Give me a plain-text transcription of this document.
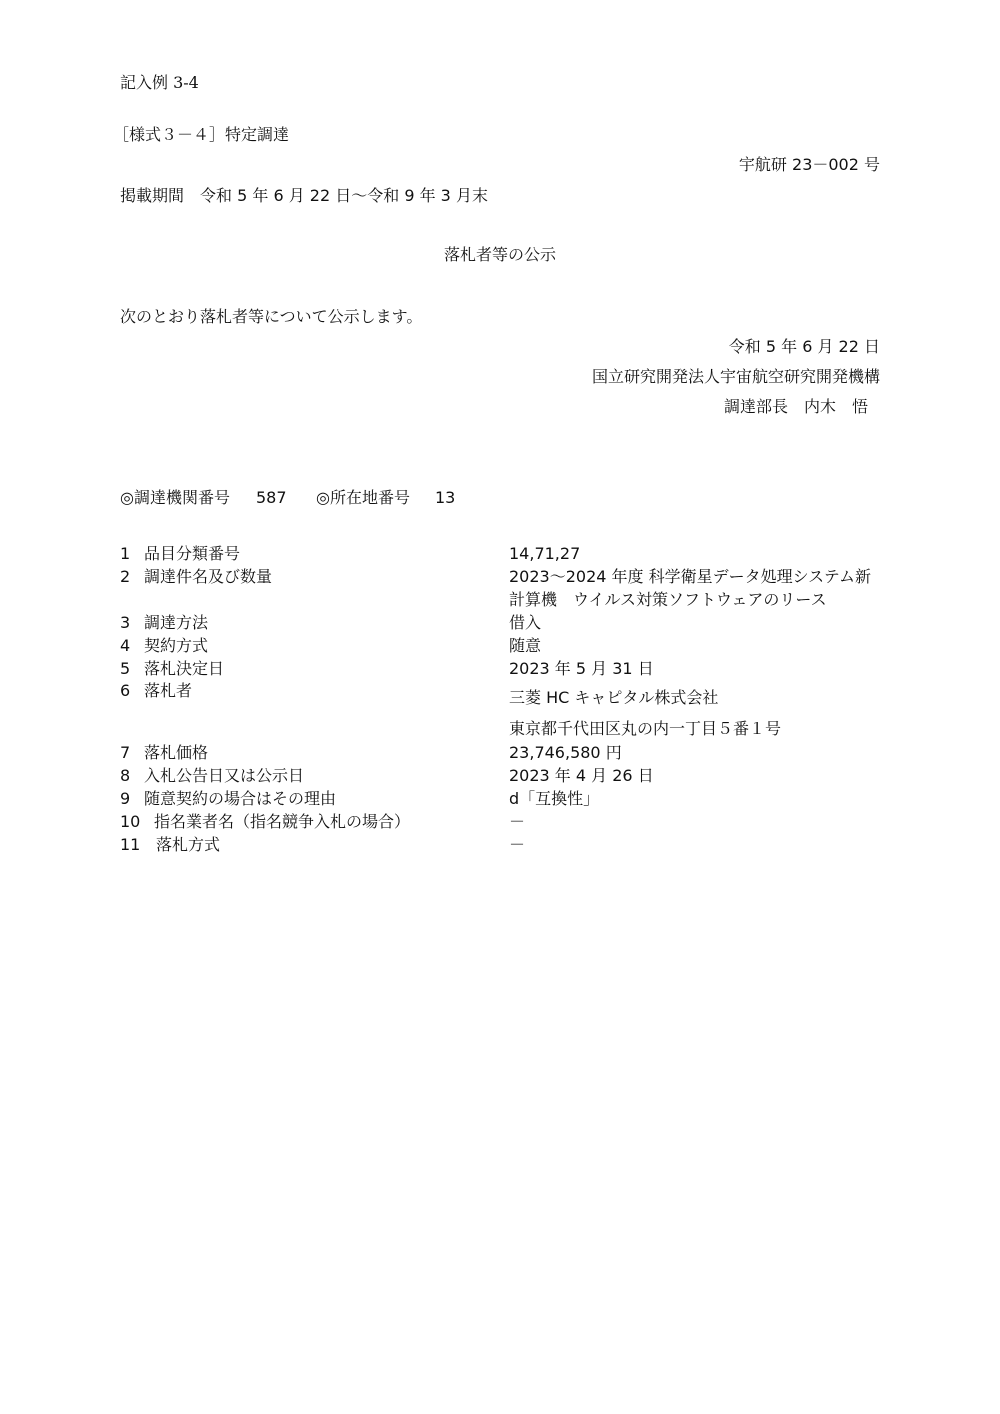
記入例 3-4
［様式３－４］特定調達
宇航研 23－002 号
掲載期間　令和 5 年 6 月 22 日～令和 9 年 3 月末
落札者等の公示
次のとおり落札者等について公示します。
令和 5 年 6 月 22 日
国立研究開発法人宇宙航空研究開発機構
調達部長　内木　悟
◎調達機関番号 587 ◎所在地番号 13
1 品目分類番号	14,71,27
2 調達件名及び数量	2023～2024 年度 科学衛星データ処理システム新
計算機　ウイルス対策ソフトウェアのリース
3 調達方法	借入
4 契約方式	随意
5 落札決定日	2023 年 5 月 31 日
6 落札者	三菱 HC キャピタル株式会社
東京都千代田区丸の内一丁目５番１号
7 落札価格	23,746,580 円
8 入札公告日又は公示日	2023 年 4 月 26 日
9 随意契約の場合はその理由	d「互換性」
10 指名業者名（指名競争入札の場合）	－
11 落札方式	－
